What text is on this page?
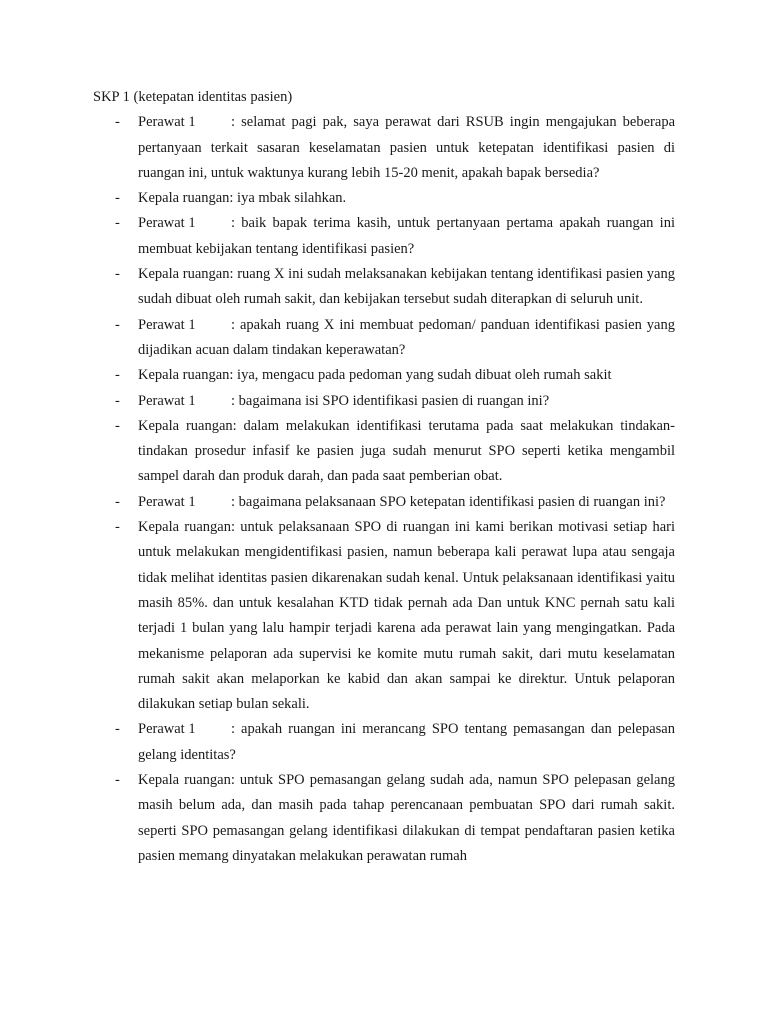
SKP 1 (ketepatan identitas pasien)
- Perawat 1 : selamat pagi pak, saya perawat dari RSUB ingin mengajukan beberapa pertanyaan terkait sasaran keselamatan pasien untuk ketepatan identifikasi pasien di ruangan ini, untuk waktunya kurang lebih 15-20 menit, apakah bapak bersedia?
- Kepala ruangan: iya mbak silahkan.
- Perawat 1 : baik bapak terima kasih, untuk pertanyaan pertama apakah ruangan ini membuat kebijakan tentang identifikasi pasien?
- Kepala ruangan: ruang X ini sudah melaksanakan kebijakan tentang identifikasi pasien yang sudah dibuat oleh rumah sakit, dan kebijakan tersebut sudah diterapkan di seluruh unit.
- Perawat 1 : apakah ruang X ini membuat pedoman/ panduan identifikasi pasien yang dijadikan acuan dalam tindakan keperawatan?
- Kepala ruangan: iya, mengacu pada pedoman yang sudah dibuat oleh rumah sakit
- Perawat 1 : bagaimana isi SPO identifikasi pasien di ruangan ini?
- Kepala ruangan: dalam melakukan identifikasi terutama pada saat melakukan tindakan-tindakan prosedur infasif ke pasien juga sudah menurut SPO seperti ketika mengambil sampel darah dan produk darah, dan pada saat pemberian obat.
- Perawat 1 : bagaimana pelaksanaan SPO ketepatan identifikasi pasien di ruangan ini?
- Kepala ruangan: untuk pelaksanaan SPO di ruangan ini kami berikan motivasi setiap hari untuk melakukan mengidentifikasi pasien, namun beberapa kali perawat lupa atau sengaja tidak melihat identitas pasien dikarenakan sudah kenal. Untuk pelaksanaan identifikasi yaitu masih 85%. dan untuk kesalahan KTD tidak pernah ada Dan untuk KNC pernah satu kali terjadi 1 bulan yang lalu hampir terjadi karena ada perawat lain yang mengingatkan. Pada mekanisme pelaporan ada supervisi ke komite mutu rumah sakit, dari mutu keselamatan rumah sakit akan melaporkan ke kabid dan akan sampai ke direktur. Untuk pelaporan dilakukan setiap bulan sekali.
- Perawat 1 : apakah ruangan ini merancang SPO tentang pemasangan dan pelepasan gelang identitas?
- Kepala ruangan: untuk SPO pemasangan gelang sudah ada, namun SPO pelepasan gelang masih belum ada, dan masih pada tahap perencanaan pembuatan SPO dari rumah sakit. seperti SPO pemasangan gelang identifikasi dilakukan di tempat pendaftaran pasien ketika pasien memang dinyatakan melakukan perawatan rumah
